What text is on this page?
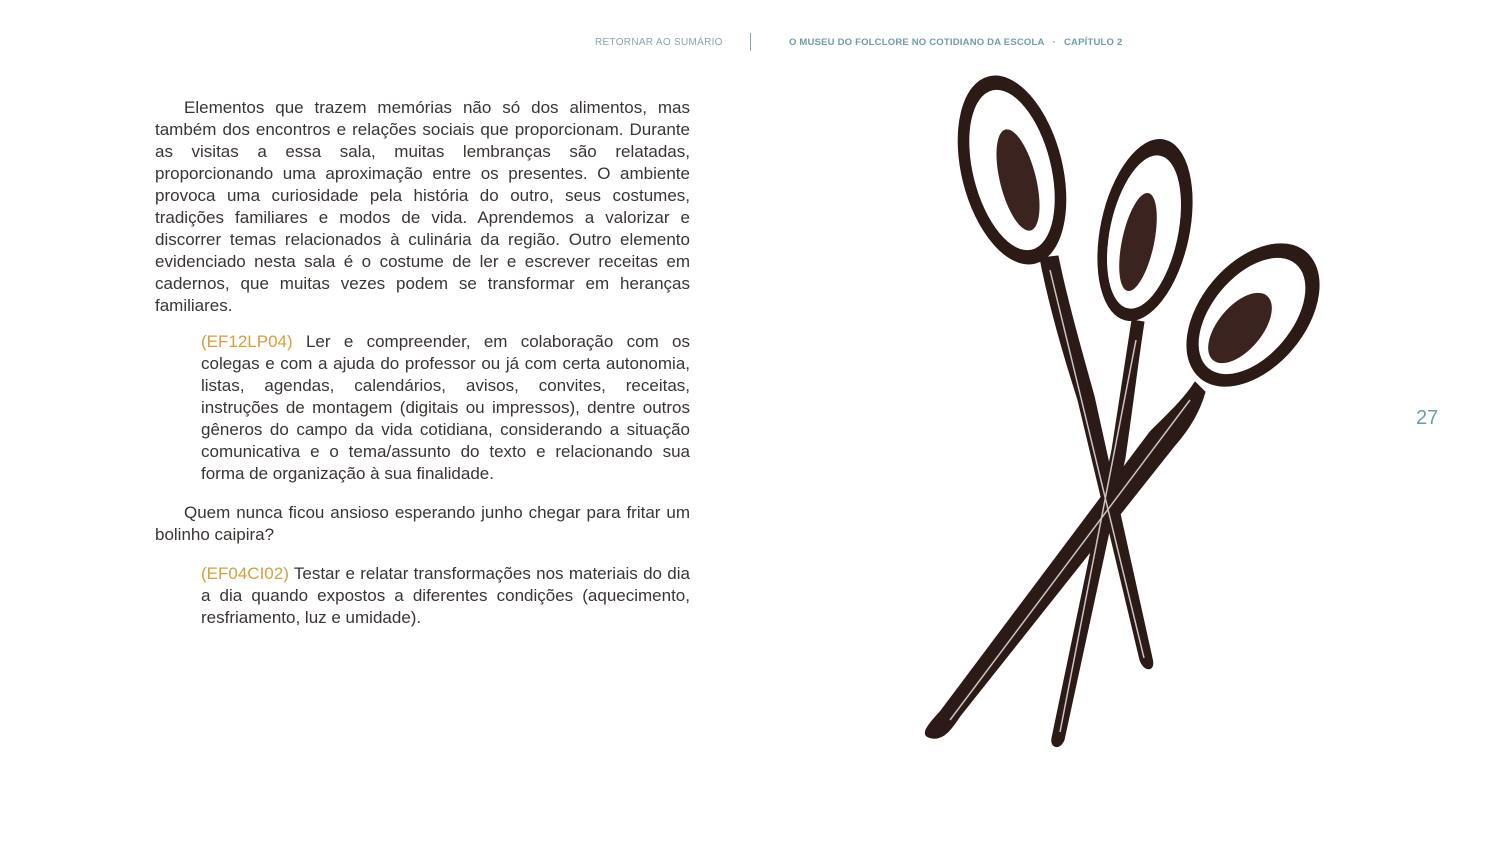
RETORNAR AO SUMÁRIO	O MUSEU DO FOLCLORE NO COTIDIANO DA ESCOLA · CAPÍTULO 2

Elementos que trazem memórias não só dos alimentos, mas também dos encontros e relações sociais que proporcionam. Durante as visitas a essa sala, muitas lembranças são relatadas, proporcionando uma aproximação entre os presentes. O ambiente provoca uma curiosidade pela história do outro, seus costumes, tradições familiares e modos de vida. Aprendemos a valorizar e discorrer temas relacionados à culinária da região. Outro elemento evidenciado nesta sala é o costume de ler e escrever receitas em cadernos, que muitas vezes podem se transformar em heranças familiares.

(EF12LP04) Ler e compreender, em colaboração com os colegas e com a ajuda do professor ou já com certa autonomia, listas, agendas, calendários, avisos, convites, receitas, instruções de montagem (digitais ou impressos), dentre outros gêneros do campo da vida cotidiana, considerando a situação comunicativa e o tema/assunto do texto e relacionando sua forma de organização à sua finalidade.

Quem nunca ficou ansioso esperando junho chegar para fritar um bolinho caipira?

(EF04CI02) Testar e relatar transformações nos materiais do dia a dia quando expostos a diferentes condições (aquecimento, resfriamento, luz e umidade).

27
